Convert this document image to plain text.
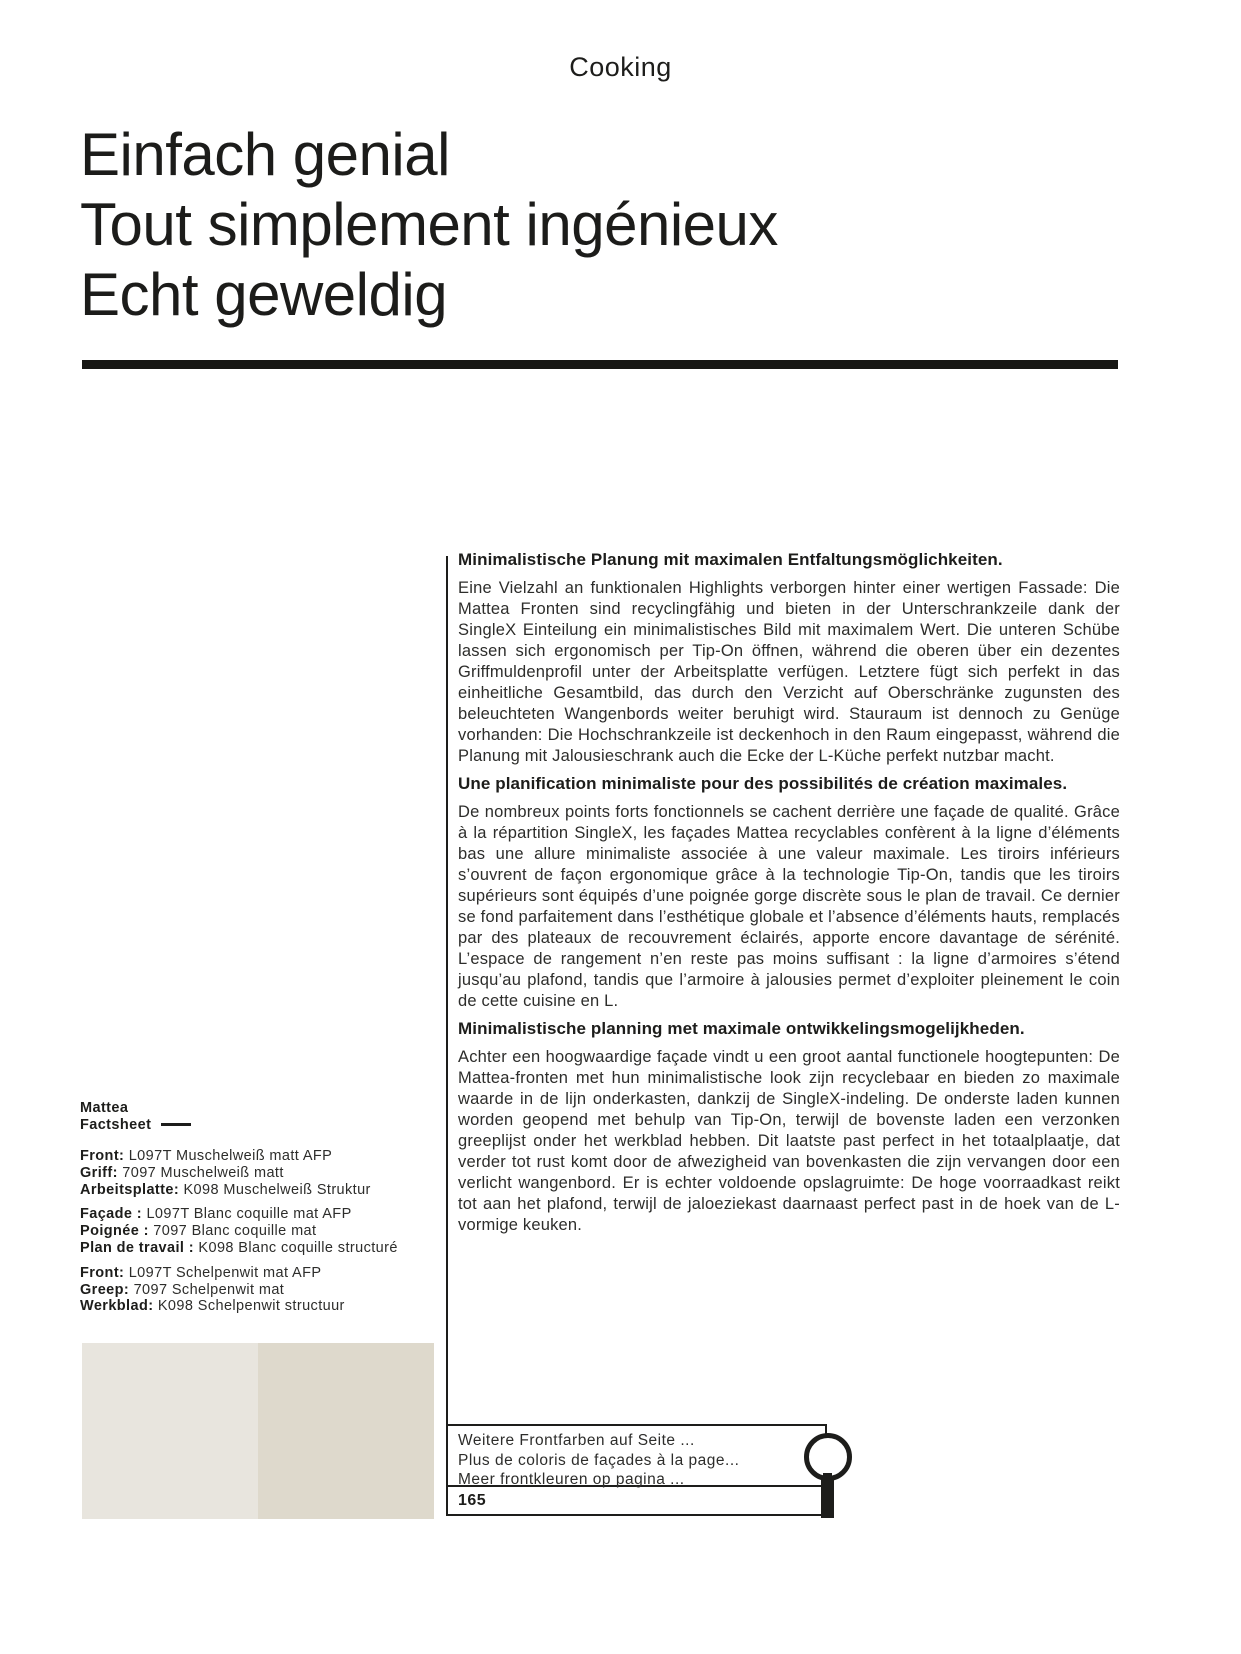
Cooking
Einfach genial
Tout simplement ingénieux
Echt geweldig
Minimalistische Planung mit maximalen Entfaltungsmöglichkeiten.

Eine Vielzahl an funktionalen Highlights verborgen hinter einer wertigen Fassade: Die Mattea Fronten sind recyclingfähig und bieten in der Unterschrankzeile dank der SingleX Einteilung ein minimalistisches Bild mit maximalem Wert. Die unteren Schübe lassen sich ergonomisch per Tip-On öffnen, während die oberen über ein dezentes Griffmuldenprofil unter der Arbeitsplatte verfügen. Letztere fügt sich perfekt in das einheitliche Gesamtbild, das durch den Verzicht auf Oberschränke zugunsten des beleuchteten Wangenbords weiter beruhigt wird. Stauraum ist dennoch zu Genüge vorhanden: Die Hochschrankzeile ist deckenhoch in den Raum eingepasst, während die Planung mit Jalousieschrank auch die Ecke der L-Küche perfekt nutzbar macht.

Une planification minimaliste pour des possibilités de création maximales.

De nombreux points forts fonctionnels se cachent derrière une façade de qualité. Grâce à la répartition SingleX, les façades Mattea recyclables confèrent à la ligne d’éléments bas une allure minimaliste associée à une valeur maximale. Les tiroirs inférieurs s’ouvrent de façon ergonomique grâce à la technologie Tip-On, tandis que les tiroirs supérieurs sont équipés d’une poignée gorge discrète sous le plan de travail. Ce dernier se fond parfaitement dans l’esthétique globale et l’absence d’éléments hauts, remplacés par des plateaux de recouvrement éclairés, apporte encore davantage de sérénité. L’espace de rangement n’en reste pas moins suffisant : la ligne d’armoires s’étend jusqu’au plafond, tandis que l’armoire à jalousies permet d’exploiter pleinement le coin de cette cuisine en L.

Minimalistische planning met maximale ontwikkelingsmogelijkheden.

Achter een hoogwaardige façade vindt u een groot aantal functionele hoogtepunten: De Mattea-fronten met hun minimalistische look zijn recyclebaar en bieden zo maximale waarde in de lijn onderkasten, dankzij de SingleX-indeling. De onderste laden kunnen worden geopend met behulp van Tip-On, terwijl de bovenste laden een verzonken greeplijst onder het werkblad hebben. Dit laatste past perfect in het totaalplaatje, dat verder tot rust komt door de afwezigheid van bovenkasten die zijn vervangen door een verlicht wangenbord. Er is echter voldoende opslagruimte: De hoge voorraadkast reikt tot aan het plafond, terwijl de jaloeziekast daarnaast perfect past in de hoek van de L-vormige keuken.

Mattea
Factsheet
Front: L097T Muschelweiß matt AFP
Griff: 7097 Muschelweiß matt
Arbeitsplatte: K098 Muschelweiß Struktur
Façade : L097T Blanc coquille mat AFP
Poignée : 7097 Blanc coquille mat
Plan de travail : K098 Blanc coquille structuré
Front: L097T Schelpenwit mat AFP
Greep: 7097 Schelpenwit mat
Werkblad: K098 Schelpenwit structuur
Weitere Frontfarben auf Seite ...
Plus de coloris de façades à la page...
Meer frontkleuren op pagina ...
165
